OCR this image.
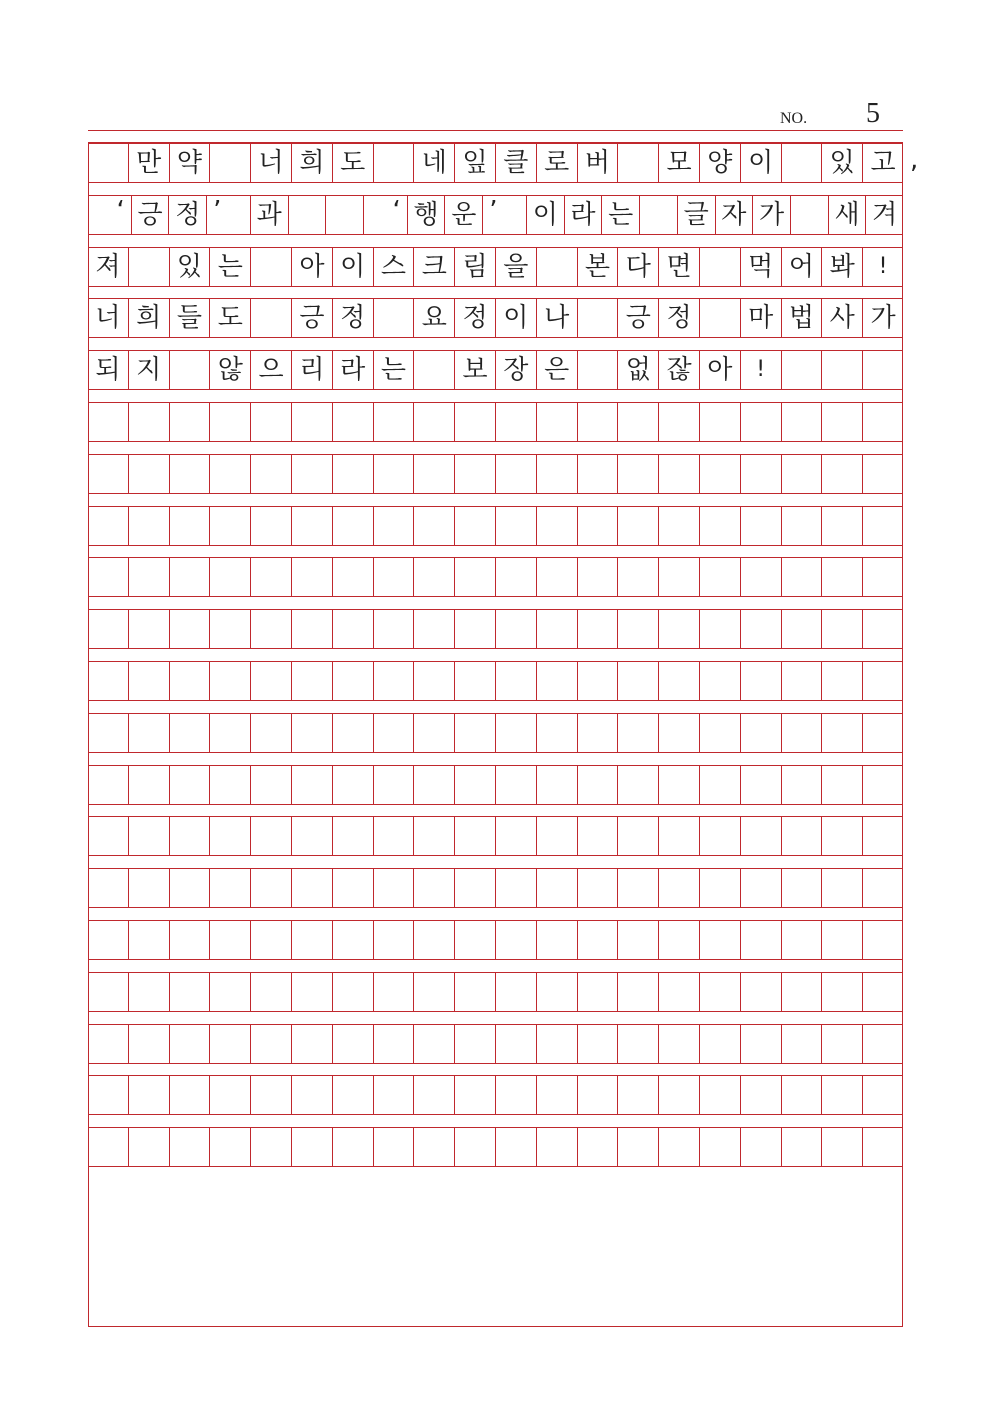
NO. 5
만 약	너 희 도	네 잎 클 로 버	모 양 이	있 고
‘ 긍 정 ’	과	‘ 행 운 ’	이 라 는 글 자 가 새 겨
져	있 는	아 이 스 크 림 을	본 다 면	먹 어 봐	!
너 희 들 도	긍 정	요 정 이 나	긍 정	마 법 사 가
되 지	않 으 리 라 는	보 장 은	없 잖 아	!
,
